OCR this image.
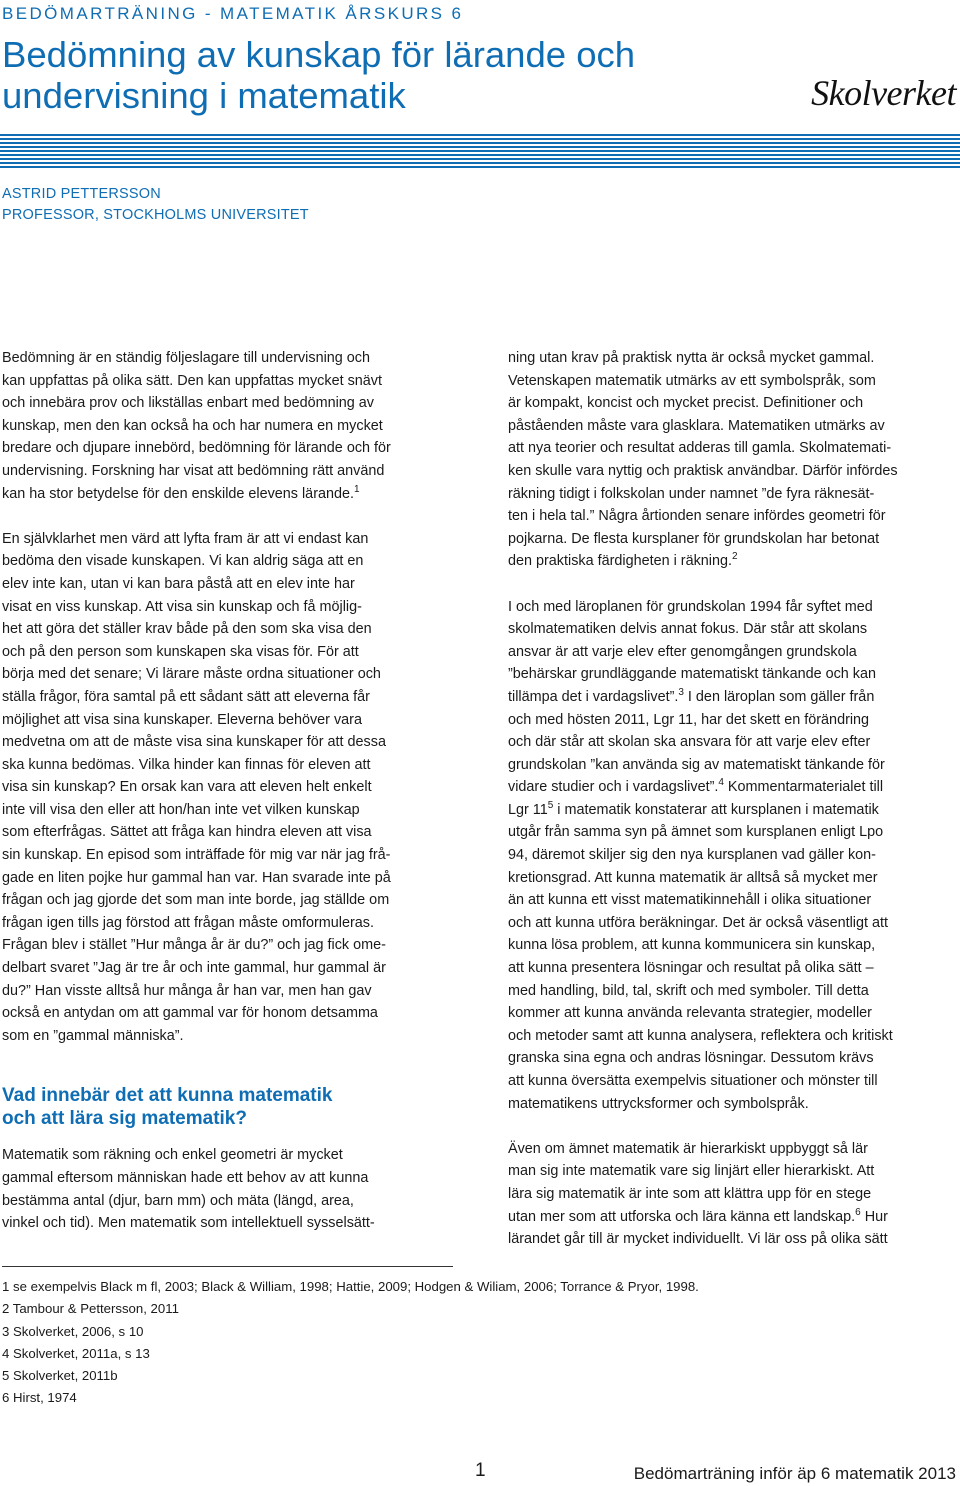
BEDÖMARTRÄNING - MATEMATIK ÅRSKURS 6
Bedömning av kunskap för lärande och
undervisning i matematik	Skolverket
ASTRID PETTERSSON
PROFESSOR, STOCKHOLMS UNIVERSITET

Bedömning är en ständig följeslagare till undervisning och
kan uppfattas på olika sätt. Den kan uppfattas mycket snävt
och innebära prov och likställas enbart med bedömning av
kunskap, men den kan också ha och har numera en mycket
bredare och djupare innebörd, bedömning för lärande och för
undervisning. Forskning har visat att bedömning rätt använd
kan ha stor betydelse för den enskilde elevens lärande.$^1$

En självklarhet men värd att lyfta fram är att vi endast kan
bedöma den visade kunskapen. Vi kan aldrig säga att en
elev inte kan, utan vi kan bara påstå att en elev inte har
visat en viss kunskap. Att visa sin kunskap och få möjlig-
het att göra det ställer krav både på den som ska visa den
och på den person som kunskapen ska visas för. För att
börja med det senare; Vi lärare måste ordna situationer och
ställa frågor, föra samtal på ett sådant sätt att eleverna får
möjlighet att visa sina kunskaper. Eleverna behöver vara
medvetna om att de måste visa sina kunskaper för att dessa
ska kunna bedömas. Vilka hinder kan finnas för eleven att
visa sin kunskap? En orsak kan vara att eleven helt enkelt
inte vill visa den eller att hon/han inte vet vilken kunskap
som efterfrågas. Sättet att fråga kan hindra eleven att visa
sin kunskap. En episod som inträffade för mig var när jag frå-
gade en liten pojke hur gammal han var. Han svarade inte på
frågan och jag gjorde det som man inte borde, jag ställde om
frågan igen tills jag förstod att frågan måste omformuleras.
Frågan blev i stället ”Hur många år är du?” och jag fick ome-
delbart svaret ”Jag är tre år och inte gammal, hur gammal är
du?” Han visste alltså hur många år han var, men han gav
också en antydan om att gammal var för honom detsamma
som en ”gammal människa”.

Vad innebär det att kunna matematik
och att lära sig matematik?

Matematik som räkning och enkel geometri är mycket
gammal eftersom människan hade ett behov av att kunna
bestämma antal (djur, barn mm) och mäta (längd, area,
vinkel och tid). Men matematik som intellektuell sysselsätt-

ning utan krav på praktisk nytta är också mycket gammal.
Vetenskapen matematik utmärks av ett symbolspråk, som
är kompakt, koncist och mycket precist. Definitioner och
påståenden måste vara glasklara. Matematiken utmärks av
att nya teorier och resultat adderas till gamla. Skolmatemati-
ken skulle vara nyttig och praktisk användbar. Därför infördes
räkning tidigt i folkskolan under namnet ”de fyra räknesät-
ten i hela tal.” Några årtionden senare infördes geometri för
pojkarna. De flesta kursplaner för grundskolan har betonat
den praktiska färdigheten i räkning.$^2$

I och med läroplanen för grundskolan 1994 får syftet med
skolmatematiken delvis annat fokus. Där står att skolans
ansvar är att varje elev efter genomgången grundskola
”behärskar grundläggande matematiskt tänkande och kan
tillämpa det i vardagslivet”.$^3$ I den läroplan som gäller från
och med hösten 2011, Lgr 11, har det skett en förändring
och där står att skolan ska ansvara för att varje elev efter
grundskolan ”kan använda sig av matematiskt tänkande för
vidare studier och i vardagslivet”.$^4$ Kommentarmaterialet till
Lgr $11^5$ i matematik konstaterar att kursplanen i matematik
utgår från samma syn på ämnet som kursplanen enligt Lpo
94, däremot skiljer sig den nya kursplanen vad gäller kon-
kretionsgrad. Att kunna matematik är alltså så mycket mer
än att kunna ett visst matematikinnehåll i olika situationer
och att kunna utföra beräkningar. Det är också väsentligt att
kunna lösa problem, att kunna kommunicera sin kunskap,
att kunna presentera lösningar och resultat på olika sätt –
med handling, bild, tal, skrift och med symboler. Till detta
kommer att kunna använda relevanta strategier, modeller
och metoder samt att kunna analysera, reflektera och kritiskt
granska sina egna och andras lösningar. Dessutom krävs
att kunna översätta exempelvis situationer och mönster till
matematikens uttrycksformer och symbolspråk.

Även om ämnet matematik är hierarkiskt uppbyggt så lär
man sig inte matematik vare sig linjärt eller hierarkiskt. Att
lära sig matematik är inte som att klättra upp för en stege
utan mer som att utforska och lära känna ett landskap.$^6$ Hur
lärandet går till är mycket individuellt. Vi lär oss på olika sätt

1 se exempelvis Black m fl, 2003; Black & William, 1998; Hattie, 2009; Hodgen & Wiliam, 2006; Torrance & Pryor, 1998.
2 Tambour & Pettersson, 2011
3 Skolverket, 2006, s 10
4 Skolverket, 2011a, s 13
5 Skolverket, 2011b
6 Hirst, 1974
1	Bedömarträning inför äp 6 matematik 2013
